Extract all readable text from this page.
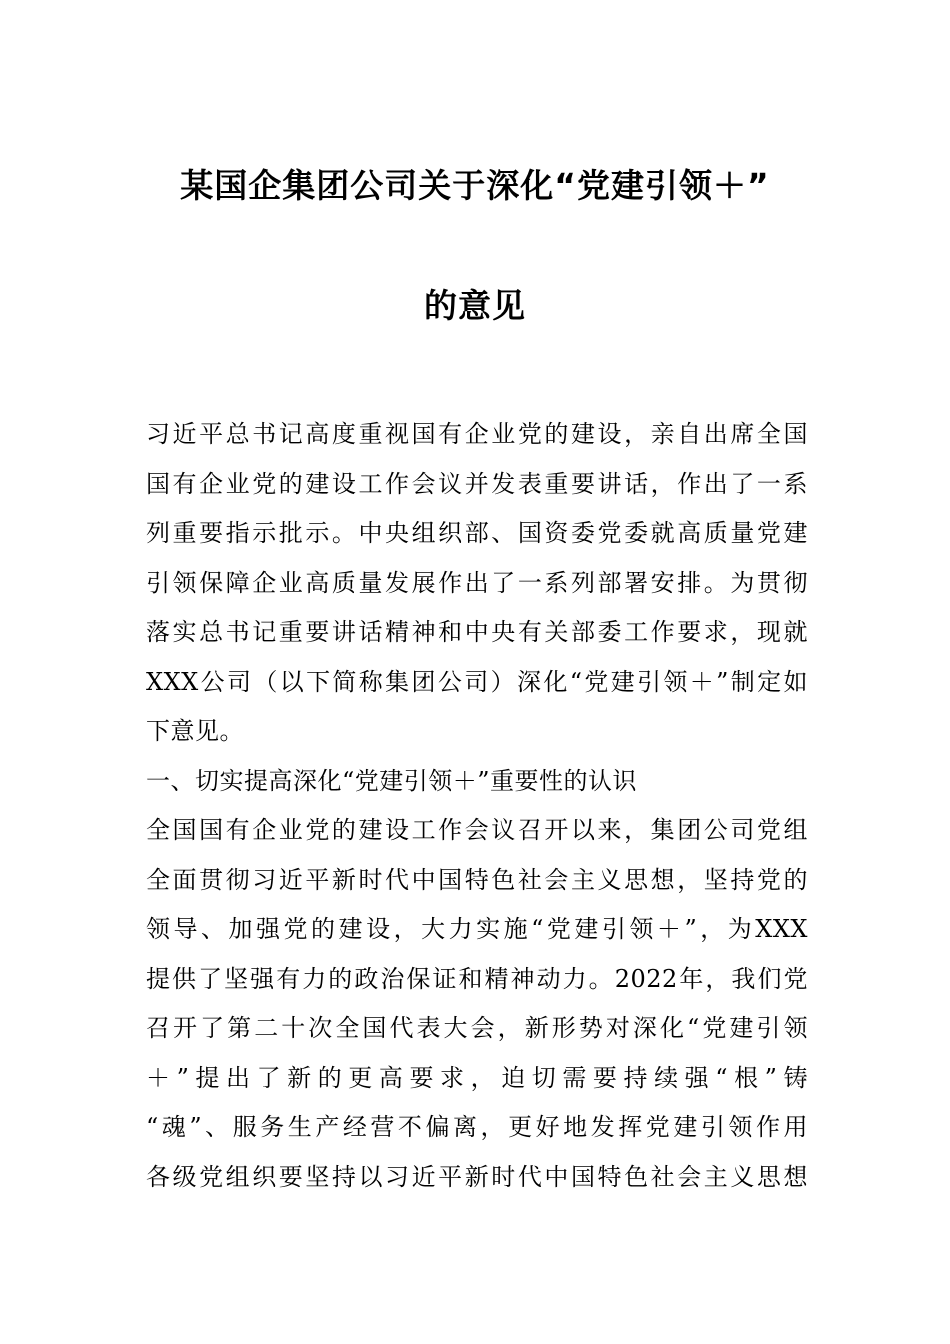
某国企集团公司关于深化“党建引领＋”
的意见
习近平总书记高度重视国有企业党的建设，亲自出席全国
国有企业党的建设工作会议并发表重要讲话，作出了一系
列重要指示批示。中央组织部、国资委党委就高质量党建
引领保障企业高质量发展作出了一系列部署安排。为贯彻
落实总书记重要讲话精神和中央有关部委工作要求，现就
XXX公司（以下简称集团公司）深化“党建引领＋”制定如
下意见。
一、切实提高深化“党建引领＋”重要性的认识
全国国有企业党的建设工作会议召开以来，集团公司党组
全面贯彻习近平新时代中国特色社会主义思想，坚持党的
领导、加强党的建设，大力实施“党建引领＋”，为XXX
提供了坚强有力的政治保证和精神动力。2022年，我们党
召开了第二十次全国代表大会，新形势对深化“党建引领
＋”提出了新的更高要求，迫切需要持续强“根”铸
“魂”、服务生产经营不偏离，更好地发挥党建引领作用
各级党组织要坚持以习近平新时代中国特色社会主义思想
